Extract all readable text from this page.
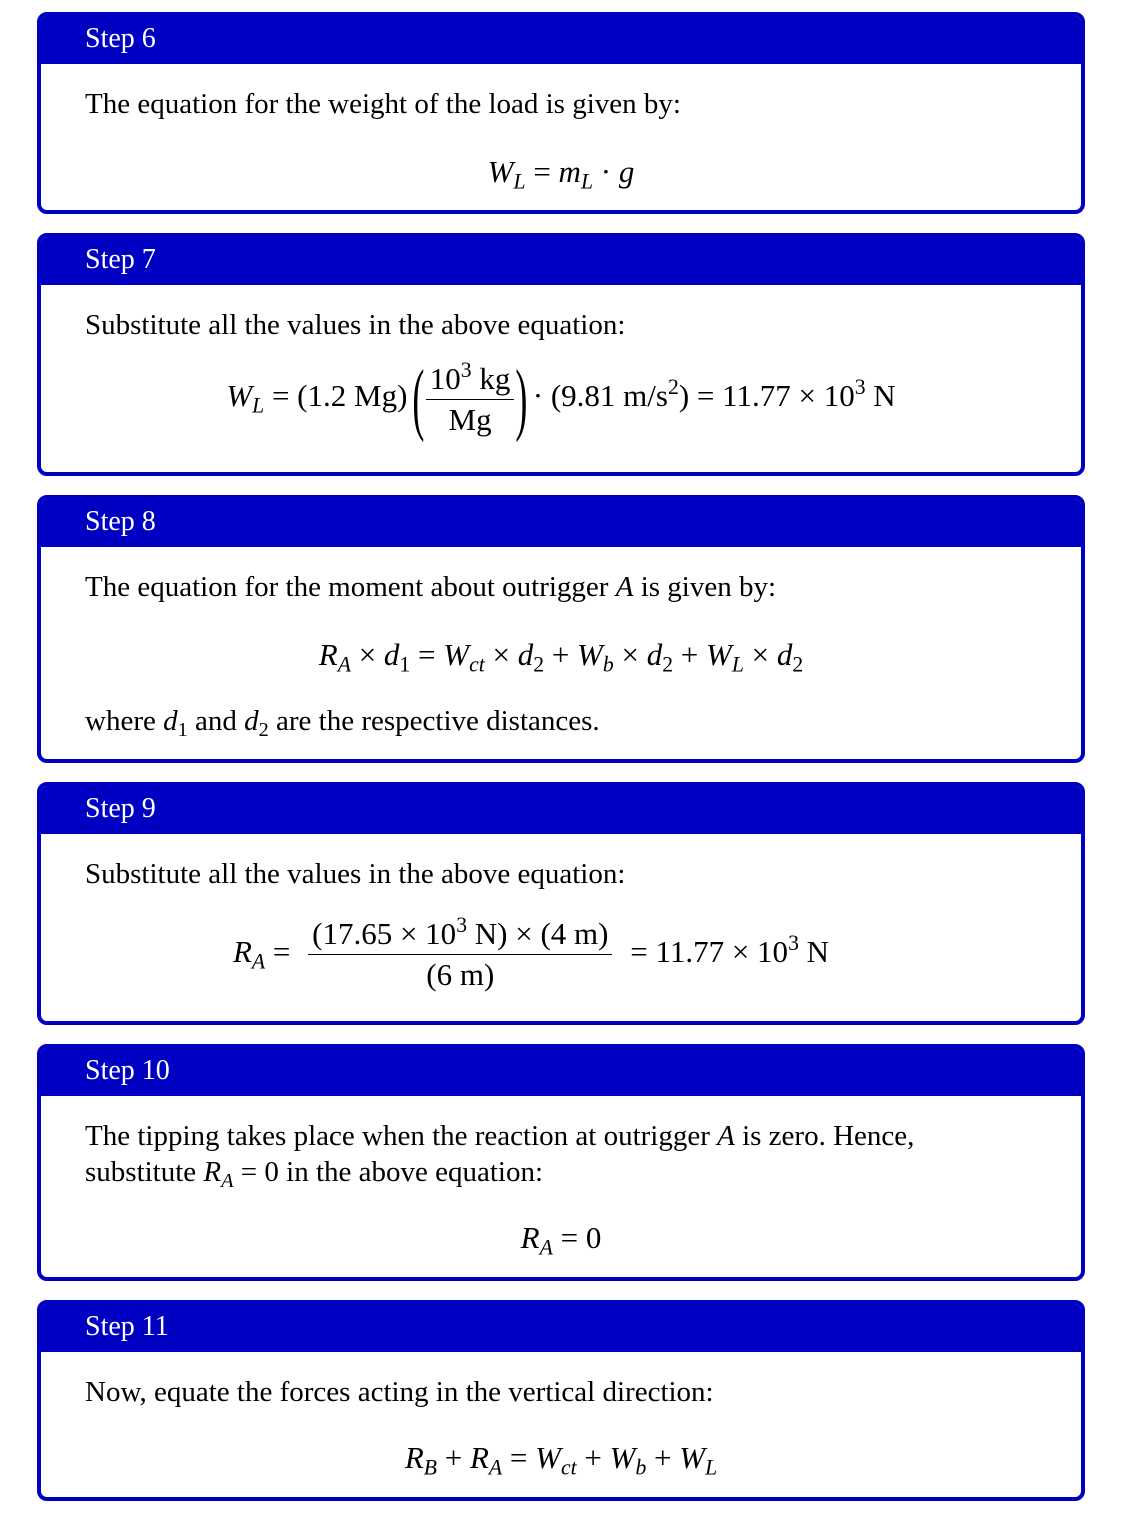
Step 6
The equation for the weight of the load is given by:
$W_L = m_L \cdot g$
Step 7
Substitute all the values in the above equation:
$W_L = (1.2$ Mg) ( $\frac{10^3 kg}{Mg}$ ) · (9.81 $m/s^2) = 11.77 \times 10^3$ N
Step 8
The equation for the moment about outrigger A is given by:
$R_A \times d_1 = W_{ct} \times d_2 + W_b \times d_2 + W_L \times d_2$
where $d_1$ and $d_2$ are the respective distances.
Step 9
Substitute all the values in the above equation:
$R_A = \frac{(17.65 \times 10^3 N) \times (4 m)}{(6 m)} = 11.77 \times 10^3$ N
Step 10
The tipping takes place when the reaction at outrigger A is zero. Hence,
substitute $R_A = 0$ in the above equation:
$R_A = 0$
Step 11
Now, equate the forces acting in the vertical direction:
$R_B + R_A = W_{ct} + W_b + W_L$
